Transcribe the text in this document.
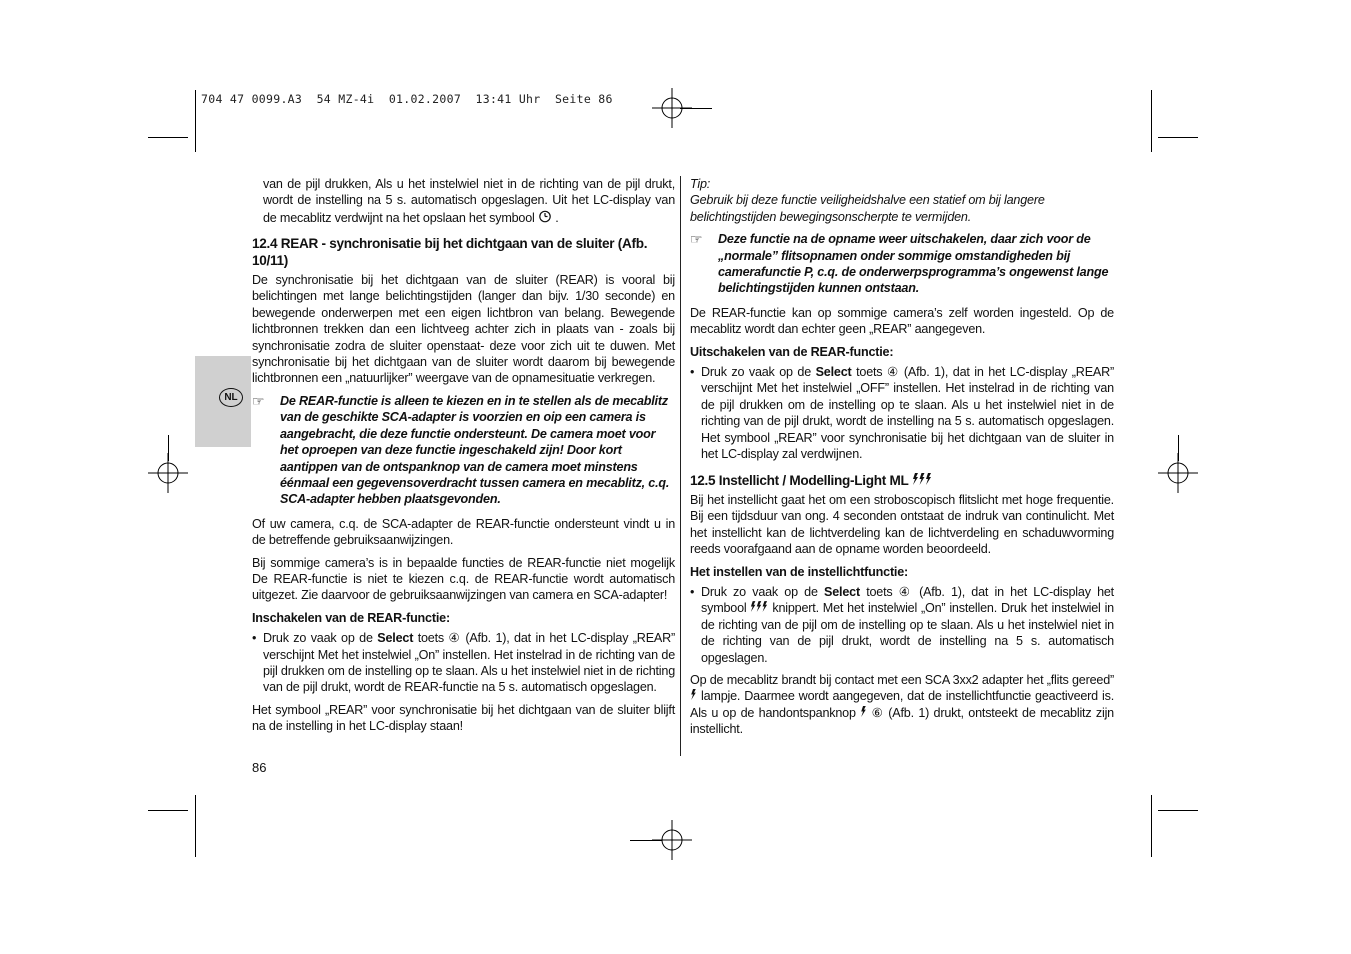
704 47 0099.A3  54 MZ-4i  01.02.2007  13:41 Uhr  Seite 86
NL

van de pijl drukken, Als u het instelwiel niet in de richting van de pijl drukt, wordt de instelling na 5 s. automatisch opgeslagen. Uit het LC-display van de mecablitz verdwijnt na het opslaan het symbool .

12.4 REAR - synchronisatie bij het dichtgaan van de sluiter (Afb. 10/11)

De synchronisatie bij het dichtgaan van de sluiter (REAR) is vooral bij belichtingen met lange belichtingstijden (langer dan bijv. 1/30 seconde) en bewegende onderwerpen met een eigen lichtbron van belang. Bewegende lichtbronnen trekken dan een lichtveeg achter zich in plaats van - zoals bij synchronisatie zodra de sluiter openstaat- deze voor zich uit te duwen. Met synchronisatie bij het dichtgaan van de sluiter wordt daarom bij bewegende lichtbronnen een „natuurlijker” weergave van de opnamesituatie verkregen.

☞	De REAR-functie is alleen te kiezen en in te stellen als de mecablitz van de geschikte SCA-adapter is voorzien en oip een camera is aangebracht, die deze functie ondersteunt. De camera moet voor het oproepen van deze functie ingeschakeld zijn! Door kort aantippen van de ontspanknop van de camera moet minstens éénmaal een gegevensoverdracht tussen camera en mecablitz, c.q. SCA-adapter hebben plaatsgevonden.

Of uw camera, c.q. de SCA-adapter de REAR-functie ondersteunt vindt u in de betreffende gebruiksaanwijzingen.

Bij sommige camera’s is in bepaalde functies de REAR-functie niet mogelijk De REAR-functie is niet te kiezen c.q. de REAR-functie wordt automatisch uitgezet. Zie daarvoor de gebruiksaanwijzingen van camera en SCA-adapter!

Inschakelen van de REAR-functie:
• Druk zo vaak op de Select toets ④ (Afb. 1), dat in het LC-display „REAR” verschijnt Met het instelwiel „On” instellen. Het instelrad in de richting van de pijl drukken om de instelling op te slaan. Als u het instelwiel niet in de richting van de pijl drukt, wordt de REAR-functie na 5 s. automatisch opgeslagen.

Het symbool „REAR” voor synchronisatie bij het dichtgaan van de sluiter blijft na de instelling in het LC-display staan!

86

Tip:

Gebruik bij deze functie veiligheidshalve een statief om bij langere belichtingstijden bewegingsonscherpte te vermijden.

☞	Deze functie na de opname weer uitschakelen, daar zich voor de „normale” flitsopnamen onder sommige omstandigheden bij camerafunctie P, c.q. de onderwerpsprogramma’s ongewenst lange belichtingstijden kunnen ontstaan.

De REAR-functie kan op sommige camera’s zelf worden ingesteld. Op de mecablitz wordt dan echter geen „REAR” aangegeven.

Uitschakelen van de REAR-functie:
• Druk zo vaak op de Select toets ④ (Afb. 1), dat in het LC-display „REAR” verschijnt Met het instelwiel „OFF” instellen. Het instelrad in de richting van de pijl drukken om de instelling op te slaan. Als u het instelwiel niet in de richting van de pijl drukt, wordt de instelling na 5 s. automatisch opgeslagen. Het symbool „REAR” voor synchronisatie bij het dichtgaan van de sluiter in het LC-display zal verdwijnen.
12.5 Instellicht / Modelling-Light ML

Bij het instellicht gaat het om een stroboscopisch flitslicht met hoge frequentie. Bij een tijdsduur van ong. 4 seconden ontstaat de indruk van continulicht. Met het instellicht kan de lichtverdeling kan de lichtverdeling en schaduwvorming reeds voorafgaand aan de opname worden beoordeeld.

Het instellen van de instellichtfunctie:
• Druk zo vaak op de Select toets ④ (Afb. 1), dat in het LC-display het symbool  knippert. Met het instelwiel „On” instellen. Druk het instelwiel in de richting van de pijl om de instelling op te slaan. Als u het instelwiel niet in de richting van de pijl drukt, wordt de instelling na 5 s. automatisch opgeslagen.

Op de mecablitz brandt bij contact met een SCA 3xx2 adapter het „flits gereed”  lampje. Daarmee wordt aangegeven, dat de instellichtfunctie geactiveerd is. Als u op de handontspanknop  ⑥ (Afb. 1) drukt, ontsteekt de mecablitz zijn instellicht.
